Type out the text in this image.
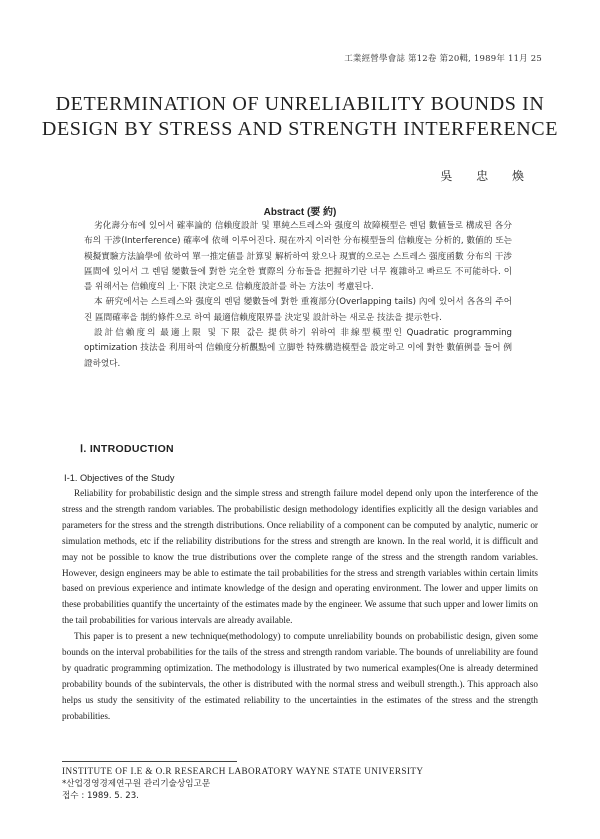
工業經營學會誌 第12卷 第20輯, 1989年 11月 25
DETERMINATION OF UNRELIABILITY BOUNDS IN
DESIGN BY STRESS AND STRENGTH INTERFERENCE
吳 忠 煥
Abstract (要 約)

劣化壽分布에 있어서 確率論的 信賴度設計 및 單純스트레스와 强度의 故障模型은 렌덤 數値들로 構成된 各分布의 干涉(Interference) 確率에 依해 이루어진다. 現在까지 이러한 分布模型들의 信賴度는 分析的, 數値的 또는 模擬實驗方法論學에 依하여 單一推定値를 計算및 解析하여 왔으나 現實的으로는 스트레스 强度函數 分布의 干涉區間에 있어서 그 렌덤 變數들에 對한 完全한 實際의 分布들을 把握하기란 너무 複雜하고 빠르도 不可能하다. 이를 위해서는 信賴度의 上·下限 決定으로 信賴度設計를 하는 方法이 考慮된다.

本 硏究에서는 스트레스와 强度의 렌덤 變數들에 對한 重複部分(Overlapping tails) 內에 있어서 各各의 주어진 區間確率을 制約條件으로 하여 最適信賴度限界를 決定및 設計하는 새로운 技法을 提示한다.

設計信賴度의 最適上限 및 下限 값은 提供하기 위하여 非線型模型인 Quadratic programming optimization 技法을 利用하여 信賴度分析觀點에 立脚한 特殊構造模型을 設定하고 이에 對한 數値例를 들어 例證하였다.

Ⅰ. INTRODUCTION
Ⅰ-1. Objectives of the Study

Reliability for probabilistic design and the simple stress and strength failure model depend only upon the interference of the stress and the strength random variables. The probabilistic design methodology identifies explicitly all the design variables and parameters for the stress and the strength distributions. Once reliability of a component can be computed by analytic, numeric or simulation methods, etc if the reliability distributions for the stress and strength are known. In the real world, it is difficult and may not be possible to know the true distributions over the complete range of the stress and the strength random variables. However, design engineers may be able to estimate the tail probabilities for the stress and strength variables within certain limits based on previous experience and intimate knowledge of the design and operating environment. The lower and upper limits on these probabilities quantify the uncertainty of the estimates made by the engineer. We assume that such upper and lower limits on the tail probabilities for various intervals are already available.

This paper is to present a new technique(methodology) to compute unreliability bounds on probabilistic design, given some bounds on the interval probabilities for the tails of the stress and strength random variable. The bounds of unreliability are found by quadratic programming optimization. The methodology is illustrated by two numerical examples(One is already determined probability bounds of the subintervals, the other is distributed with the normal stress and weibull strength.). This approach also helps us study the sensitivity of the estimated reliability to the uncertainties in the estimates of the stress and the strength probabilities.

INSTITUTE OF I.E & O.R RESEARCH LABORATORY WAYNE STATE UNIVERSITY
*산업경영경제연구원 관리기술상임고문
접수 : 1989. 5. 23.
